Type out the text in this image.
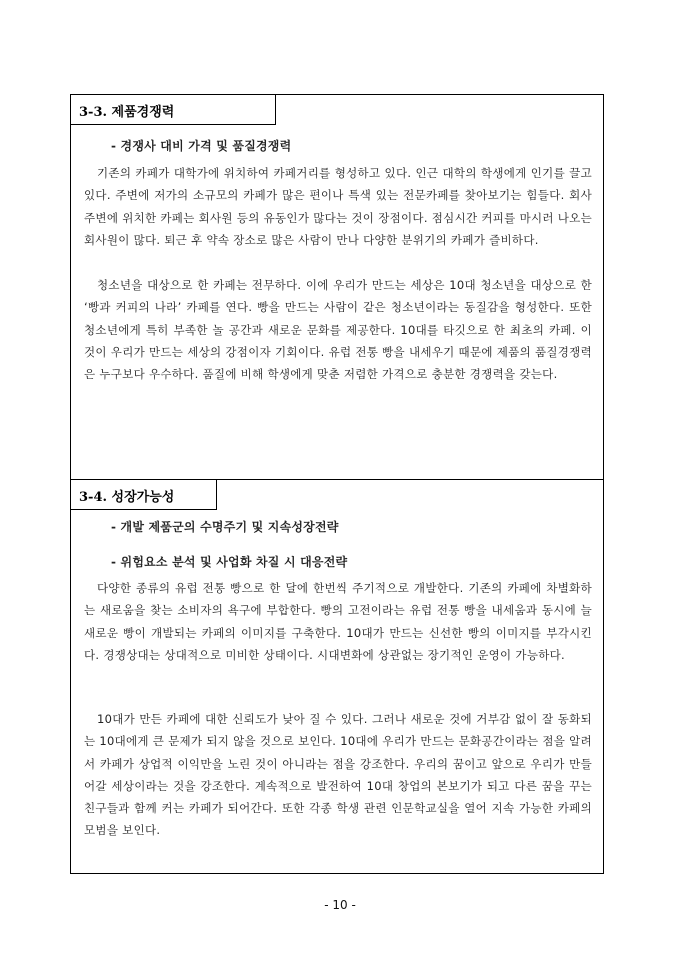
3-3. 제품경쟁력
- 경쟁사 대비 가격 및 품질경쟁력
기존의 카페가 대학가에 위치하여 카페거리를 형성하고 있다. 인근 대학의 학생에게 인기를 끌고 있다. 주변에 저가의 소규모의 카페가 많은 편이나 특색 있는 전문카페를 찾아보기는 힘들다. 회사 주변에 위치한 카페는 회사원 등의 유동인가 많다는 것이 장점이다. 점심시간 커피를 마시러 나오는 회사원이 많다. 퇴근 후 약속 장소로 많은 사람이 만나 다양한 분위기의 카페가 즐비하다.
청소년을 대상으로 한 카페는 전무하다. 이에 우리가 만드는 세상은 10대 청소년을 대상으로 한 ‘빵과 커피의 나라’ 카페를 연다. 빵을 만드는 사람이 같은 청소년이라는 동질감을 형성한다. 또한 청소년에게 특히 부족한 놀 공간과 새로운 문화를 제공한다. 10대를 타깃으로 한 최초의 카페. 이것이 우리가 만드는 세상의 강점이자 기회이다. 유럽 전통 빵을 내세우기 때문에 제품의 품질경쟁력은 누구보다 우수하다. 품질에 비해 학생에게 맞춘 저렴한 가격으로 충분한 경쟁력을 갖는다.
3-4. 성장가능성
- 개발 제품군의 수명주기 및 지속성장전략
- 위험요소 분석 및 사업화 차질 시 대응전략
다양한 종류의 유럽 전통 빵으로 한 달에 한번씩 주기적으로 개발한다. 기존의 카페에 차별화하는 새로움을 찾는 소비자의 욕구에 부합한다. 빵의 고전이라는 유럽 전통 빵을 내세움과 동시에 늘 새로운 빵이 개발되는 카페의 이미지를 구축한다. 10대가 만드는 신선한 빵의 이미지를 부각시킨다. 경쟁상대는 상대적으로 미비한 상태이다. 시대변화에 상관없는 장기적인 운영이 가능하다.
10대가 만든 카페에 대한 신뢰도가 낮아 질 수 있다. 그러나 새로운 것에 거부감 없이 잘 동화되는 10대에게 큰 문제가 되지 않을 것으로 보인다. 10대에 우리가 만드는 문화공간이라는 점을 알려서 카페가 상업적 이익만을 노린 것이 아니라는 점을 강조한다. 우리의 꿈이고 앞으로 우리가 만들어갈 세상이라는 것을 강조한다. 계속적으로 발전하여 10대 창업의 본보기가 되고 다른 꿈을 꾸는 친구들과 함께 커는 카페가 되어간다. 또한 각종 학생 관련 인문학교실을 열어 지속 가능한 카페의 모범을 보인다.
- 10 -
